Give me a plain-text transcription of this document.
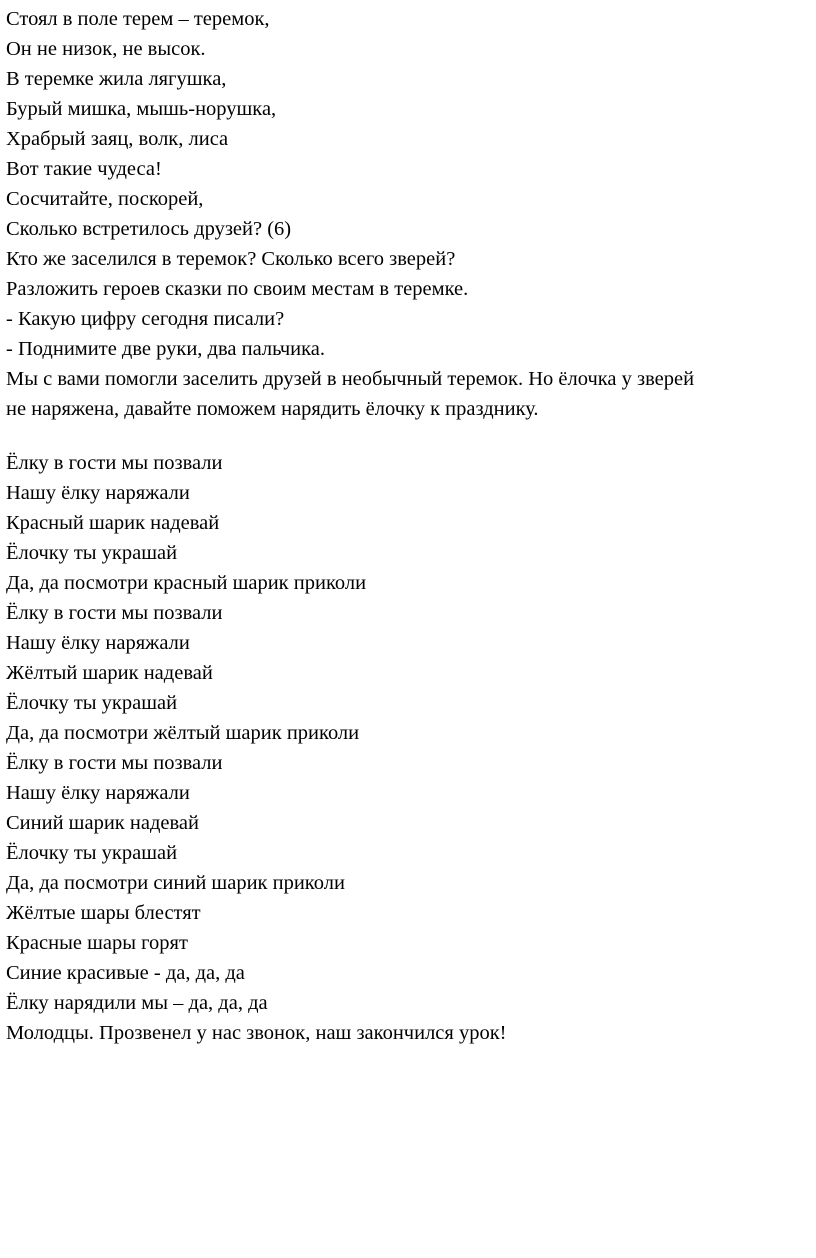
Стоял в поле терем – теремок,
Он не низок, не высок.
В теремке жила лягушка,
Бурый мишка, мышь-норушка,
Храбрый заяц, волк, лиса
Вот такие чудеса!
Сосчитайте, поскорей,
Сколько встретилось друзей? (6)
Кто же заселился в теремок? Сколько всего зверей?
Разложить героев сказки по своим местам в теремке.
- Какую цифру сегодня писали?
- Поднимите две руки, два пальчика.
Мы с вами помогли заселить друзей в необычный теремок. Но ёлочка у зверей
не наряжена, давайте поможем нарядить ёлочку к празднику.
Ёлку в гости мы позвали
Нашу ёлку наряжали
Красный шарик надевай
Ёлочку ты украшай
Да, да посмотри красный шарик приколи
Ёлку в гости мы позвали
Нашу ёлку наряжали
Жёлтый шарик надевай
Ёлочку ты украшай
Да, да посмотри жёлтый шарик приколи
Ёлку в гости мы позвали
Нашу ёлку наряжали
Синий шарик надевай
Ёлочку ты украшай
Да, да посмотри синий шарик приколи
Жёлтые шары блестят
Красные шары горят
Синие красивые - да, да, да
Ёлку нарядили мы – да, да, да
Молодцы. Прозвенел у нас звонок, наш закончился урок!
